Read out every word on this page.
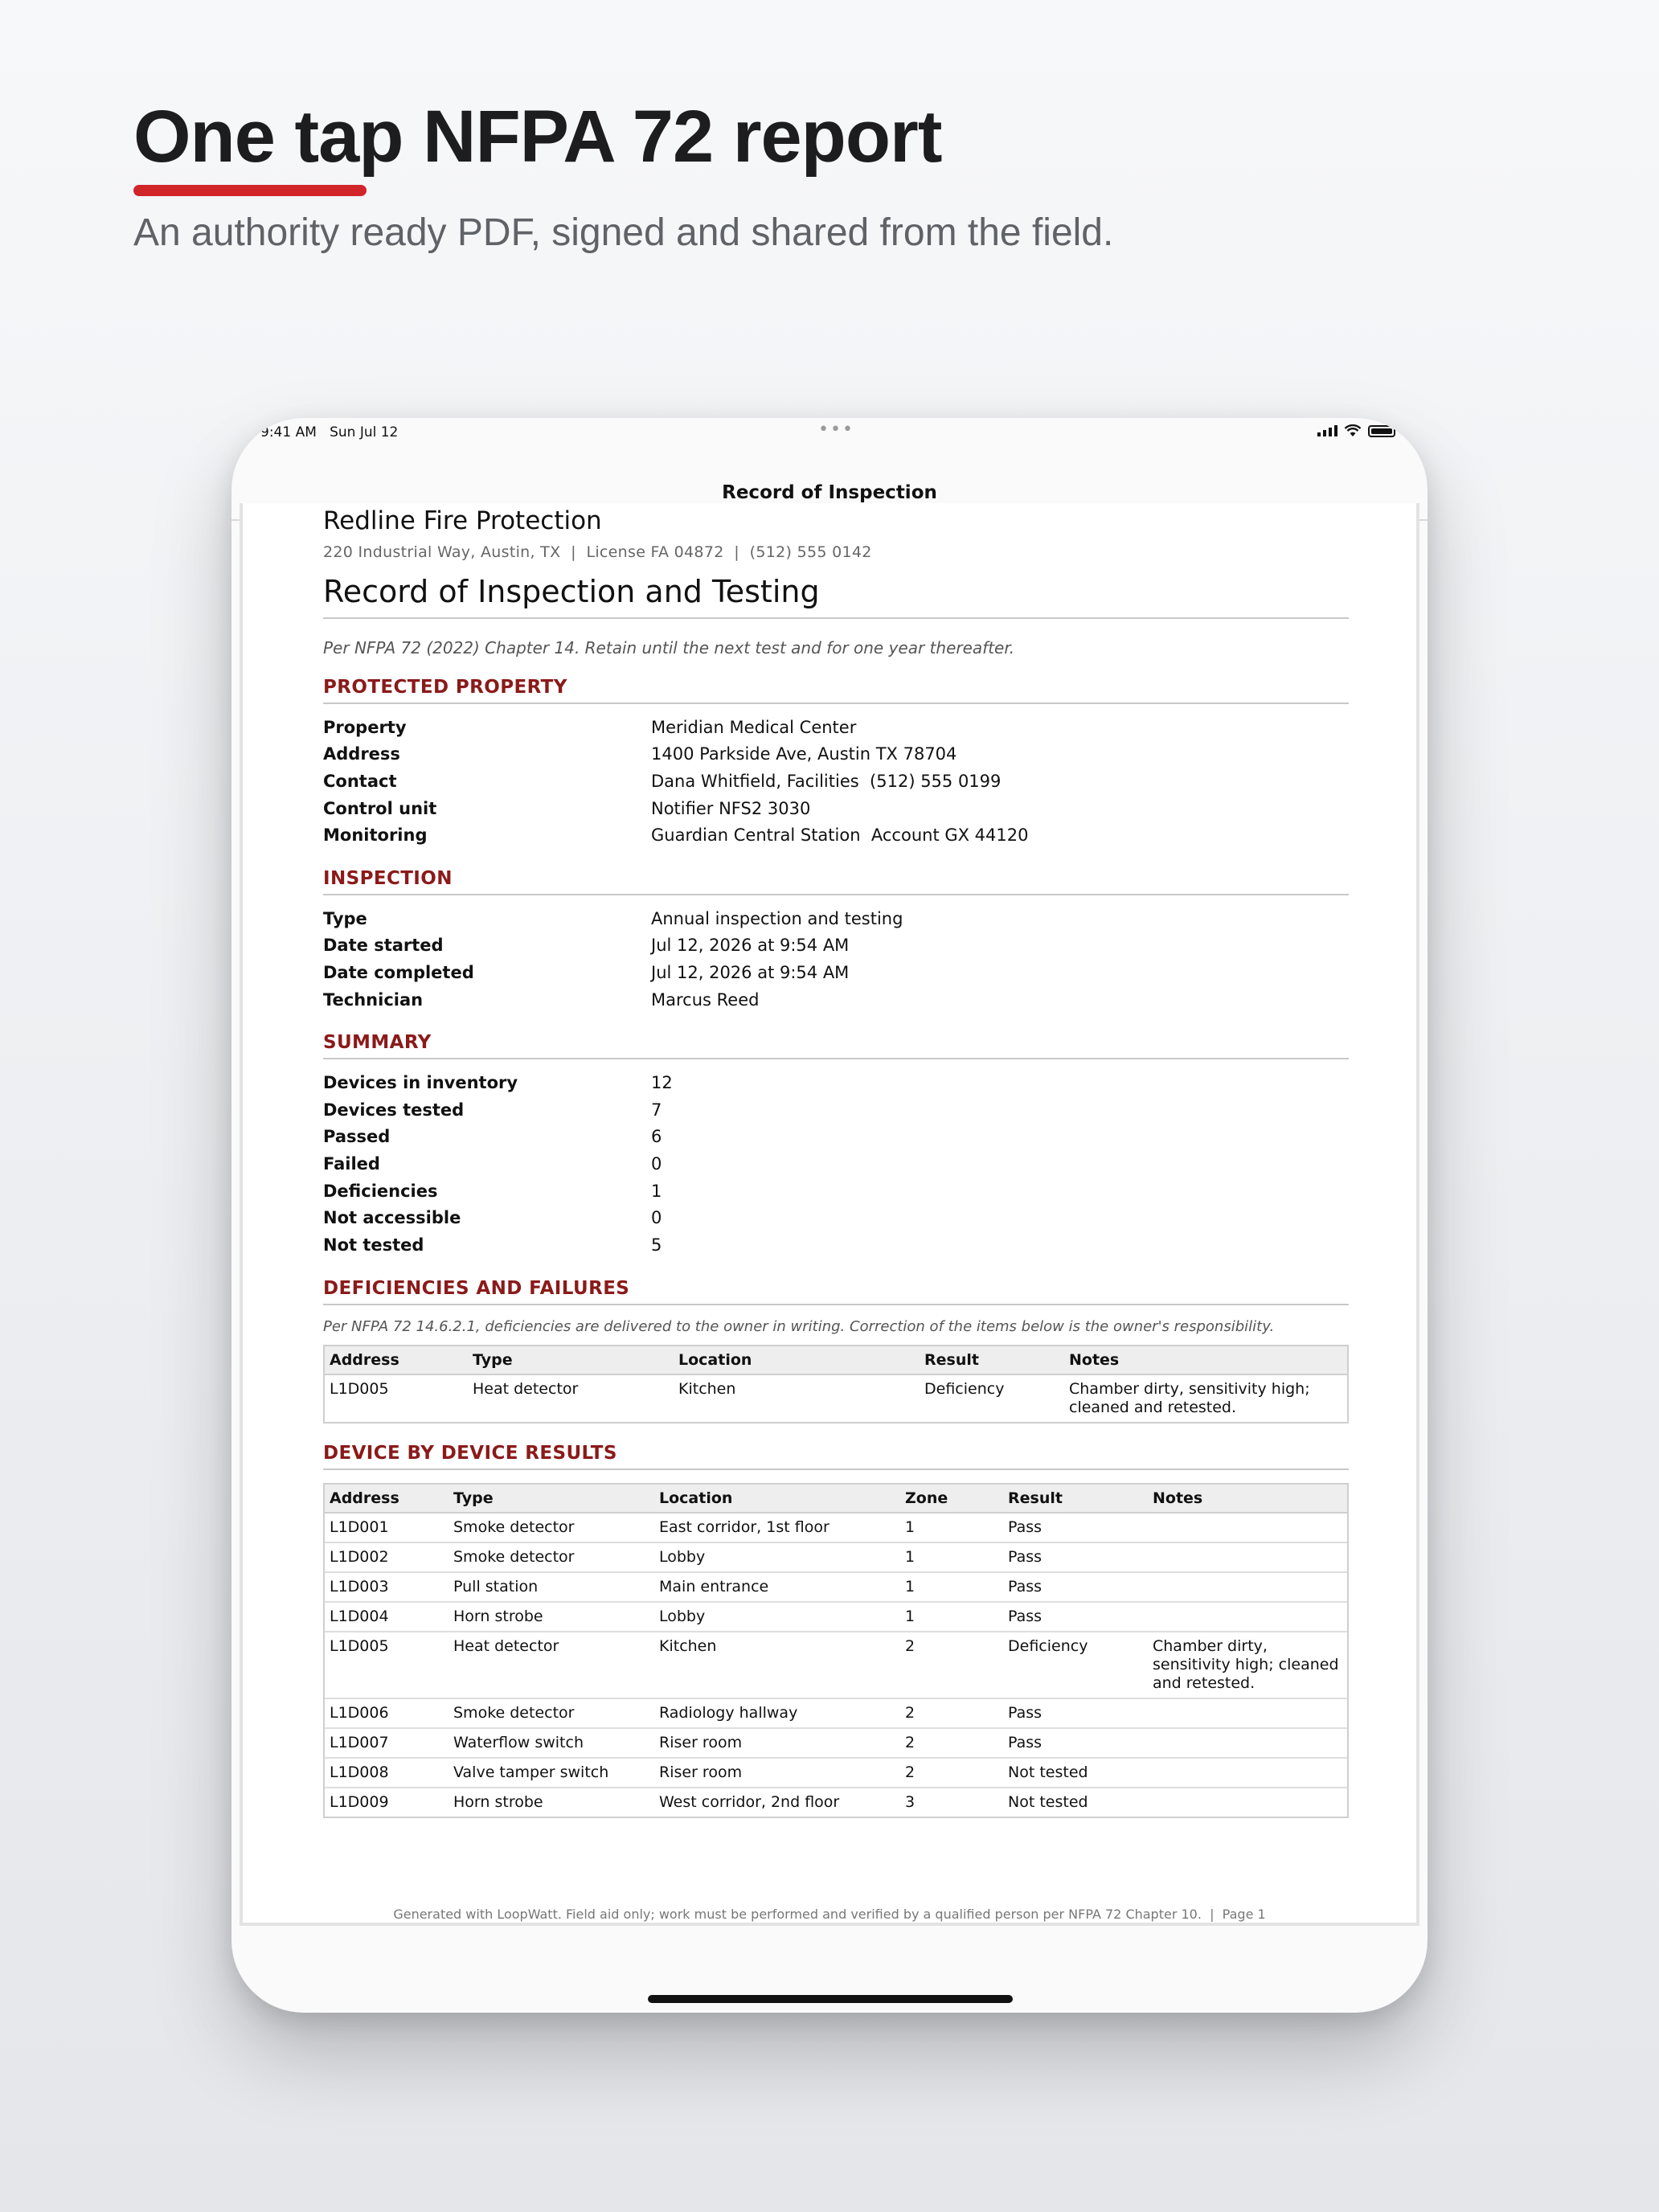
One tap NFPA 72 report
An authority ready PDF, signed and shared from the field.
9:41 AM   Sun Jul 12	•••
Record of Inspection
Redline Fire Protection
220 Industrial Way, Austin, TX  |  License FA 04872  |  (512) 555 0142
Record of Inspection and Testing
Per NFPA 72 (2022) Chapter 14. Retain until the next test and for one year thereafter.
PROTECTED PROPERTY
Property	Meridian Medical Center
Address	1400 Parkside Ave, Austin TX 78704
Contact	Dana Whitfield, Facilities  (512) 555 0199
Control unit	Notifier NFS2 3030
Monitoring	Guardian Central Station  Account GX 44120
INSPECTION
Type	Annual inspection and testing
Date started	Jul 12, 2026 at 9:54 AM
Date completed	Jul 12, 2026 at 9:54 AM
Technician	Marcus Reed
SUMMARY
Devices in inventory	12
Devices tested	7
Passed	6
Failed	0
Deficiencies	1
Not accessible	0
Not tested	5
DEFICIENCIES AND FAILURES
Per NFPA 72 14.6.2.1, deficiencies are delivered to the owner in writing. Correction of the items below is the owner's responsibility.
Address	Type	Location	Result	Notes
L1D005	Heat detector	Kitchen	Deficiency	Chamber dirty, sensitivity high; cleaned and retested.
DEVICE BY DEVICE RESULTS
Address	Type	Location	Zone	Result	Notes
L1D001	Smoke detector	East corridor, 1st floor	1	Pass	
L1D002	Smoke detector	Lobby	1	Pass	
L1D003	Pull station	Main entrance	1	Pass	
L1D004	Horn strobe	Lobby	1	Pass	
L1D005	Heat detector	Kitchen	2	Deficiency	Chamber dirty, sensitivity high; cleaned and retested.
L1D006	Smoke detector	Radiology hallway	2	Pass	
L1D007	Waterflow switch	Riser room	2	Pass	
L1D008	Valve tamper switch	Riser room	2	Not tested	
L1D009	Horn strobe	West corridor, 2nd floor	3	Not tested	
Generated with LoopWatt. Field aid only; work must be performed and verified by a qualified person per NFPA 72 Chapter 10.  |  Page 1
